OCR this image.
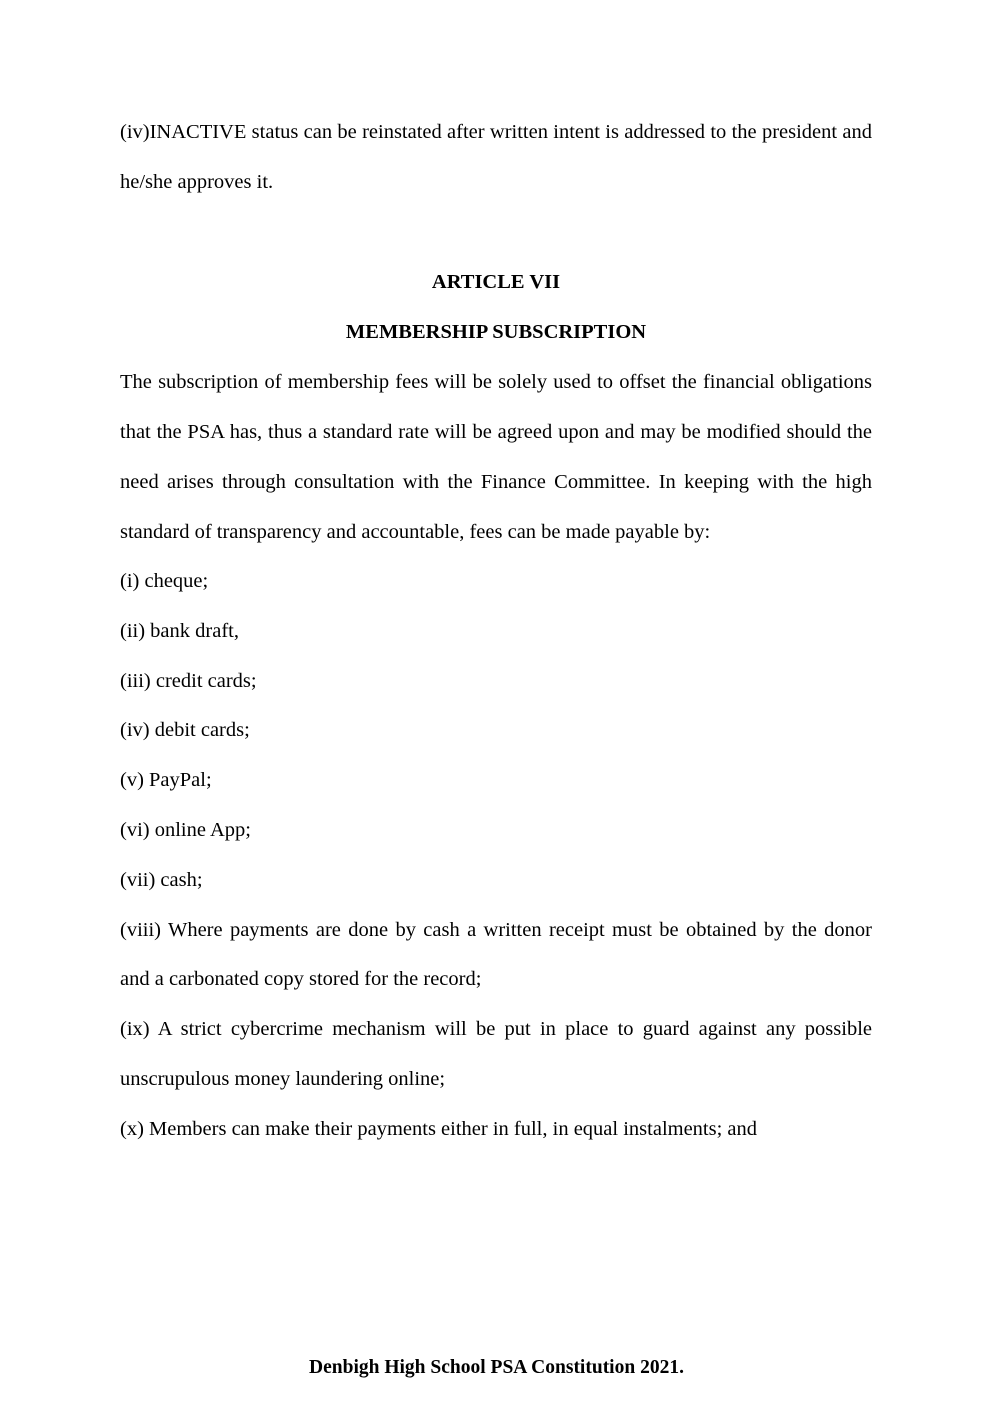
(iv)INACTIVE status can be reinstated after written intent is addressed to the president and he/she approves it.

ARTICLE VII

MEMBERSHIP SUBSCRIPTION

The subscription of membership fees will be solely used to offset the financial obligations that the PSA has, thus a standard rate will be agreed upon and may be modified should the need arises through consultation with the Finance Committee. In keeping with the high standard of transparency and accountable, fees can be made payable by:

(i) cheque;
(ii) bank draft,
(iii) credit cards;
(iv) debit cards;
(v) PayPal;
(vi) online App;
(vii) cash;
(viii) Where payments are done by cash a written receipt must be obtained by the donor and a carbonated copy stored for the record;
(ix) A strict cybercrime mechanism will be put in place to guard against any possible unscrupulous money laundering online;
(x) Members can make their payments either in full, in equal instalments; and
Denbigh High School PSA Constitution 2021.
